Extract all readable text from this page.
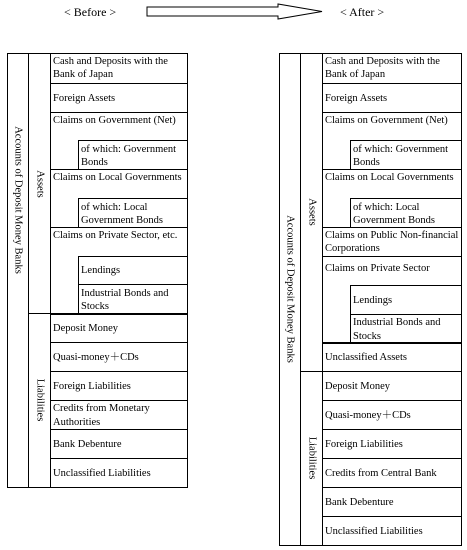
< Before >	< After >
Accounts of Deposit Money Banks Assets
Liabilities
Cash and Deposits with the Bank of Japan
Foreign Assets
Claims on Government (Net)
of which: Government Bonds
Claims on Local Governments
of which: Local Government Bonds
Claims on Private Sector, etc.
Lendings
Industrial Bonds and Stocks
Deposit Money
Quasi-money＋CDs
Foreign Liabilities
Credits from Monetary Authorities
Bank Debenture
Unclassified Liabilities
Accounts of Deposit Money Banks
Assets
Liabilities
Cash and Deposits with the Bank of Japan
Foreign Assets
Claims on Government (Net)
of which: Government Bonds
Claims on Local Governments
of which: Local Government Bonds
Claims on Public Non-financial Corporations
Claims on Private Sector
Lendings
Industrial Bonds and Stocks
Unclassified Assets
Deposit Money
Quasi-money＋CDs
Foreign Liabilities
Credits from Central Bank
Bank Debenture
Unclassified Liabilities
